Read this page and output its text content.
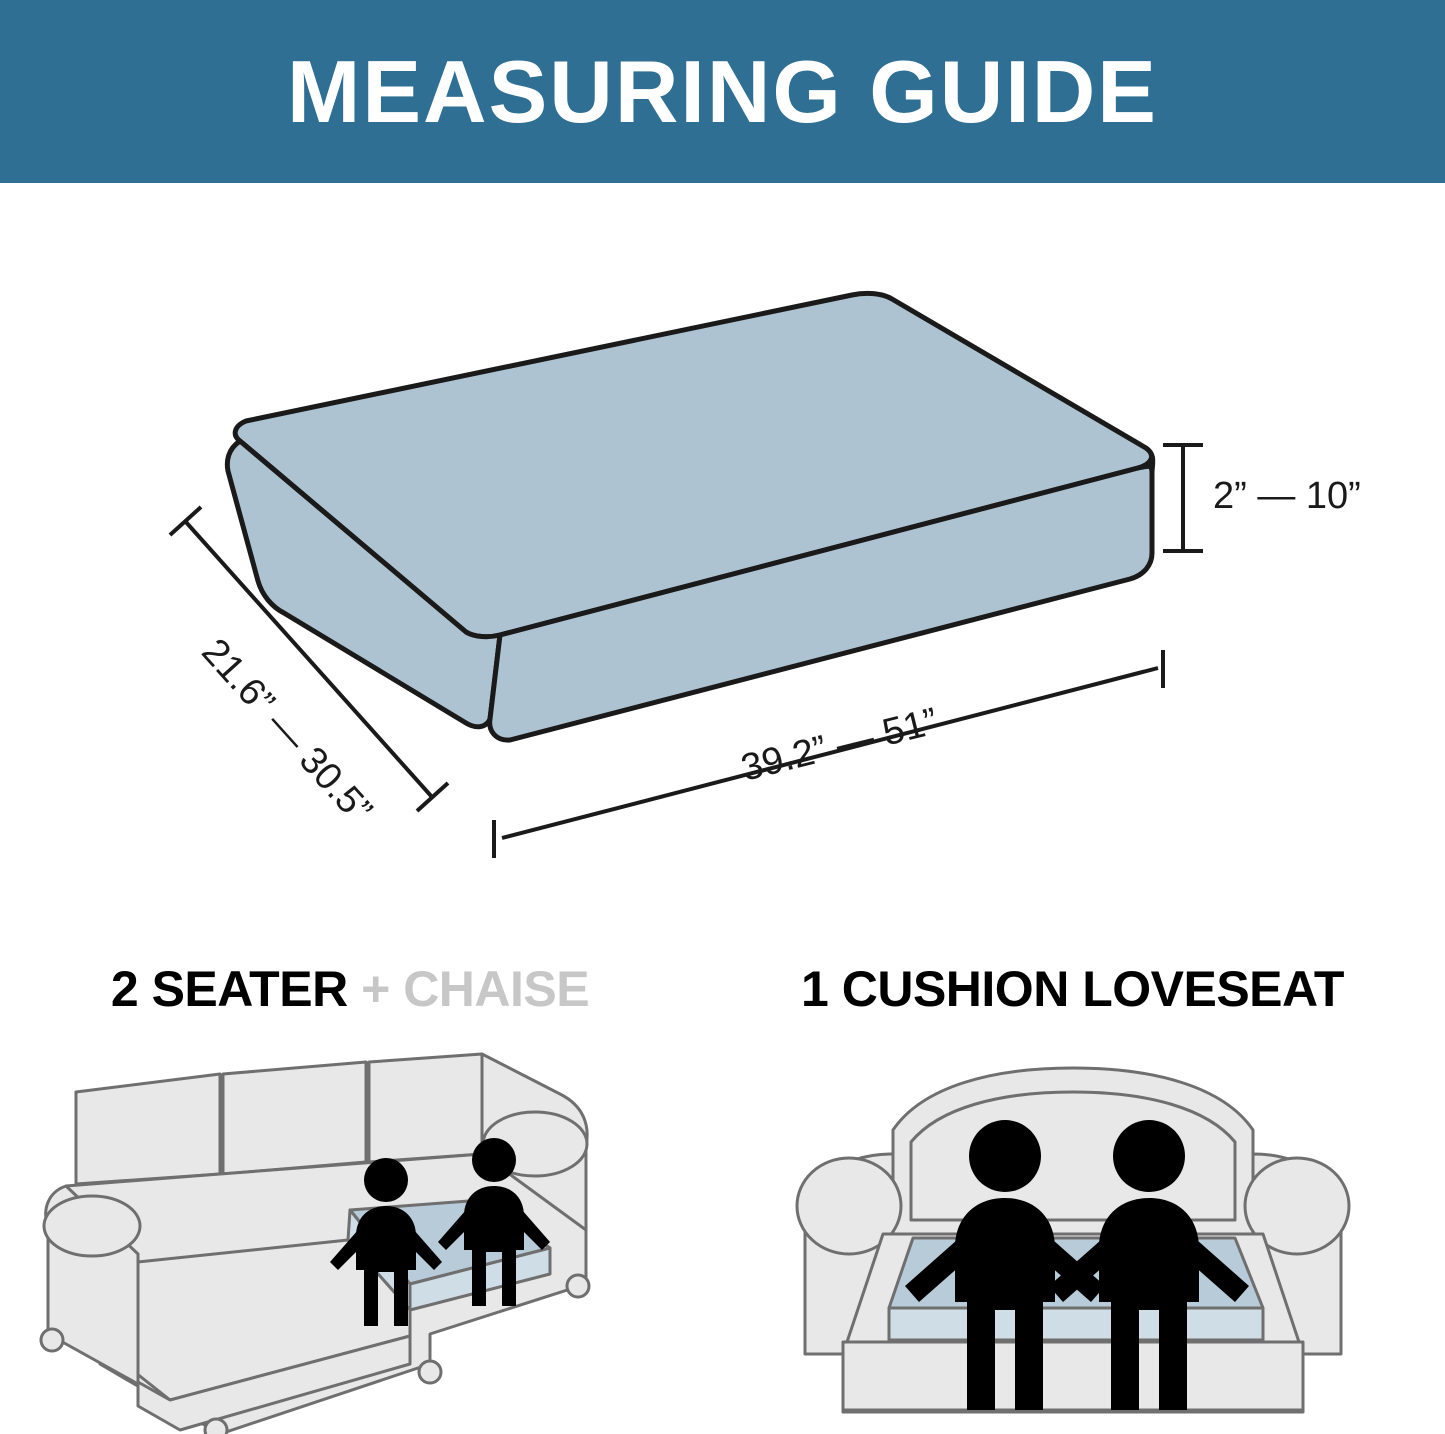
MEASURING GUIDE
2” — 10”
21.6” — 30.5”	39.2” — 51”
2 SEATER + CHAISE	1 CUSHION LOVESEAT
